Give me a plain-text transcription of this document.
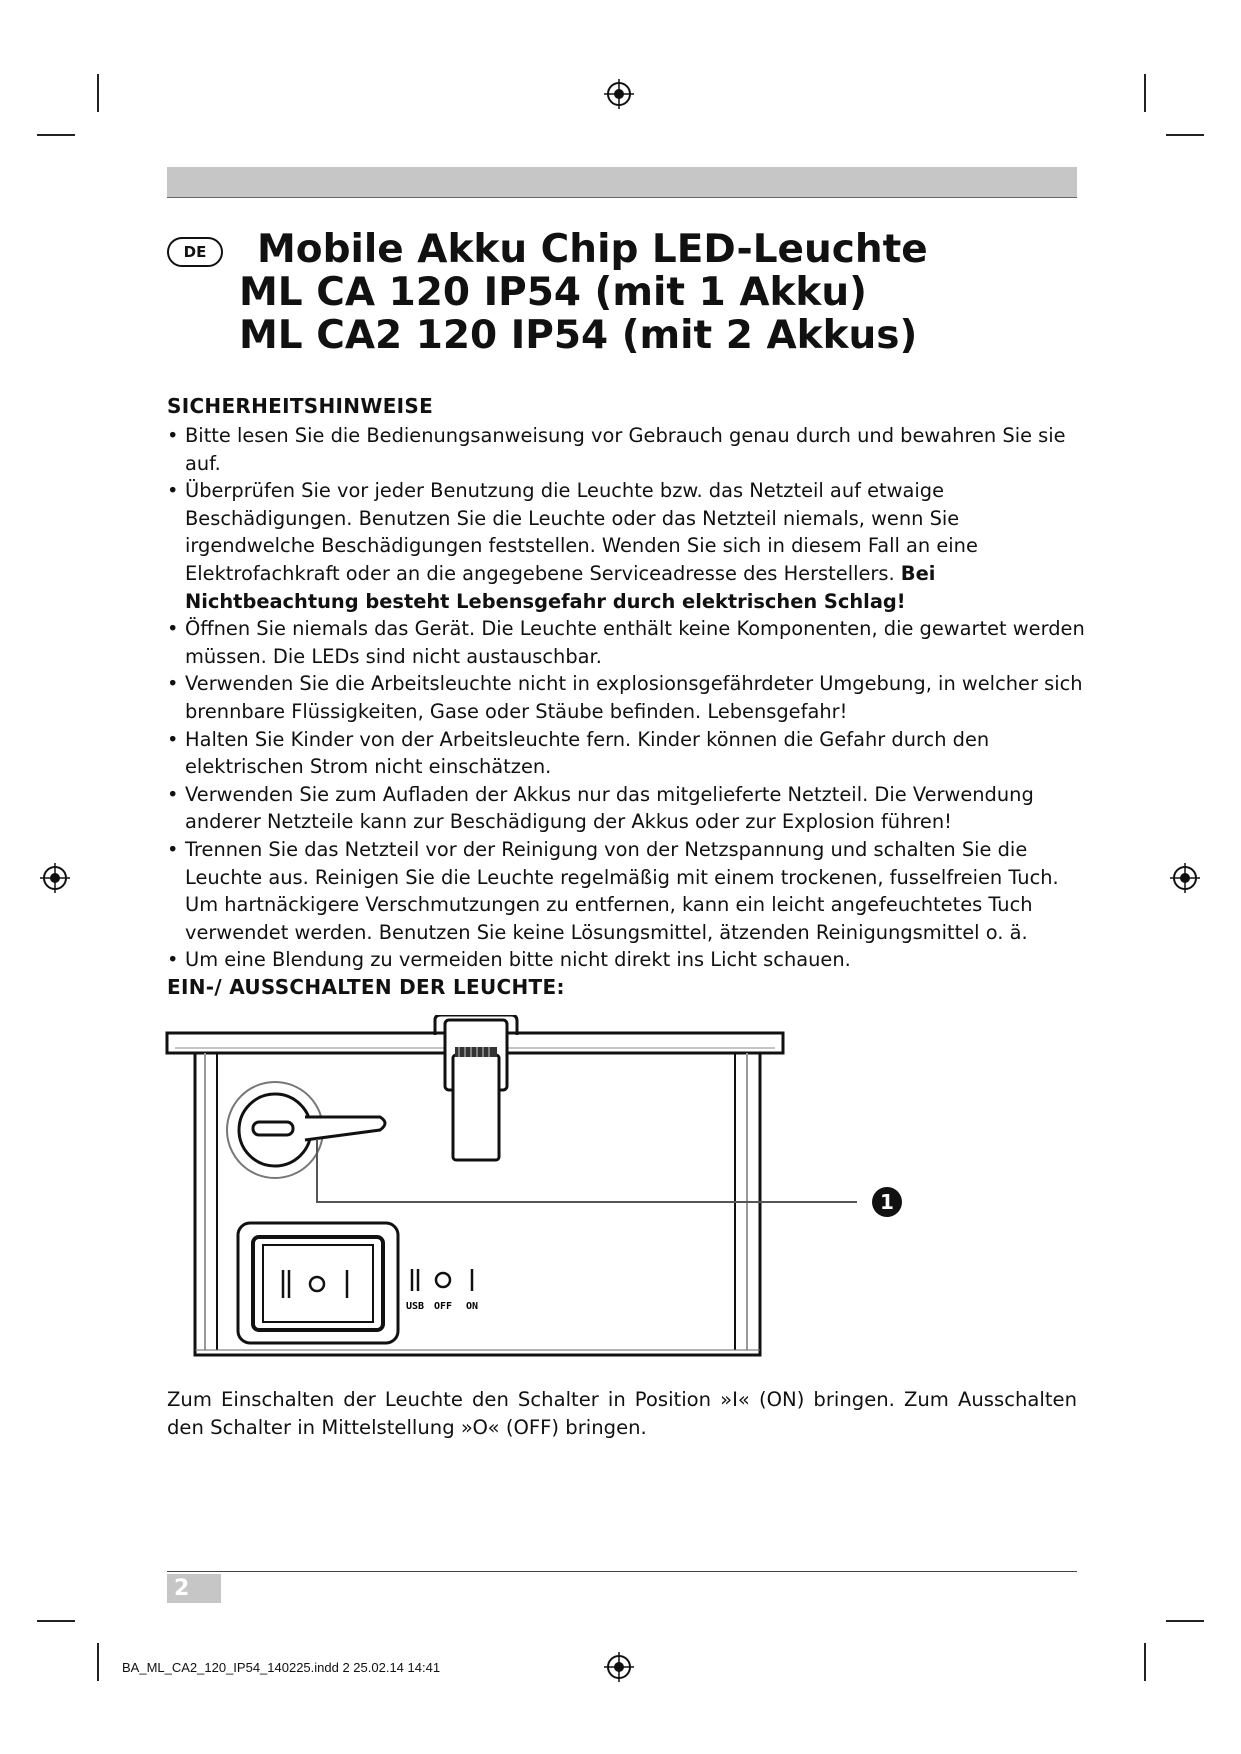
DE	Mobile Akku Chip LED-Leuchte
ML CA 120 IP54 (mit 1 Akku)
ML CA2 120 IP54 (mit 2 Akkus)
SICHERHEITSHINWEISE
• Bitte lesen Sie die Bedienungsanweisung vor Gebrauch genau durch und bewahren Sie sie auf.
• Überprüfen Sie vor jeder Benutzung die Leuchte bzw. das Netzteil auf etwaige Beschädigungen. Benutzen Sie die Leuchte oder das Netzteil niemals, wenn Sie irgendwelche Beschädigungen feststellen. Wenden Sie sich in diesem Fall an eine Elektrofachkraft oder an die angegebene Serviceadresse des Herstellers. Bei Nichtbeachtung besteht Lebensgefahr durch elektrischen Schlag!
• Öffnen Sie niemals das Gerät. Die Leuchte enthält keine Komponenten, die gewartet werden müssen. Die LEDs sind nicht austauschbar.
• Verwenden Sie die Arbeitsleuchte nicht in explosionsgefährdeter Umgebung, in welcher sich brennbare Flüssigkeiten, Gase oder Stäube befinden. Lebensgefahr!
• Halten Sie Kinder von der Arbeitsleuchte fern. Kinder können die Gefahr durch den elektrischen Strom nicht einschätzen.
• Verwenden Sie zum Aufladen der Akkus nur das mitgelieferte Netzteil. Die Verwendung anderer Netzteile kann zur Beschädigung der Akkus oder zur Explosion führen!
• Trennen Sie das Netzteil vor der Reinigung von der Netzspannung und schalten Sie die Leuchte aus. Reinigen Sie die Leuchte regelmäßig mit einem trockenen, fusselfreien Tuch. Um hartnäckigere Verschmutzungen zu entfernen, kann ein leicht angefeuchtetes Tuch verwendet werden. Benutzen Sie keine Lösungsmittel, ätzenden Reinigungsmittel o. ä.
• Um eine Blendung zu vermeiden bitte nicht direkt ins Licht schauen.
EIN-/ AUSSCHALTEN DER LEUCHTE:
1
USB OFF ON
Zum Einschalten der Leuchte den Schalter in Position »I« (ON) bringen. Zum Ausschalten den Schalter in Mittelstellung »O« (OFF) bringen.
2
BA_ML_CA2_120_IP54_140225.indd 2 25.02.14 14:41
